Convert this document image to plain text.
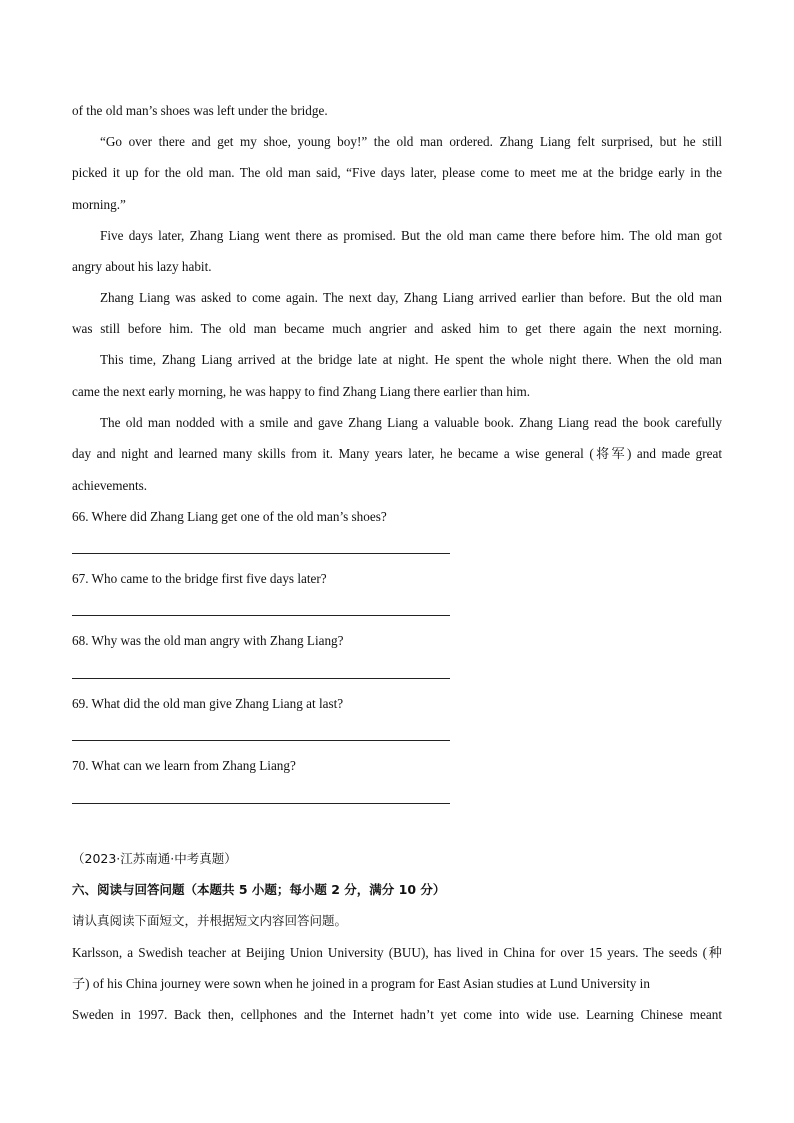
of the old man’s shoes was left under the bridge.
“Go over there and get my shoe, young boy!” the old man ordered. Zhang Liang felt surprised, but he still
picked it up for the old man. The old man said, “Five days later, please come to meet me at the bridge early in the
morning.”
Five days later, Zhang Liang went there as promised. But the old man came there before him. The old man got
angry about his lazy habit.
Zhang Liang was asked to come again. The next day, Zhang Liang arrived earlier than before. But the old man
was still before him. The old man became much angrier and asked him to get there again the next morning.
This time, Zhang Liang arrived at the bridge late at night. He spent the whole night there. When the old man
came the next early morning, he was happy to find Zhang Liang there earlier than him.
The old man nodded with a smile and gave Zhang Liang a valuable book. Zhang Liang read the book carefully
day and night and learned many skills from it. Many years later, he became a wise general (将军) and made great
achievements.
66. Where did Zhang Liang get one of the old man’s shoes?
67. Who came to the bridge first five days later?
68. Why was the old man angry with Zhang Liang?
69. What did the old man give Zhang Liang at last?
70. What can we learn from Zhang Liang?
（2023·江苏南通·中考真题）
六、阅读与回答问题（本题共 5 小题；每小题 2 分，满分 10 分）
请认真阅读下面短文，并根据短文内容回答问题。
Karlsson, a Swedish teacher at Beijing Union University (BUU), has lived in China for over 15 years. The seeds (种
子) of his China journey were sown when he joined in a program for East Asian studies at Lund University in
Sweden in 1997. Back then, cellphones and the Internet hadn’t yet come into wide use. Learning Chinese meant
